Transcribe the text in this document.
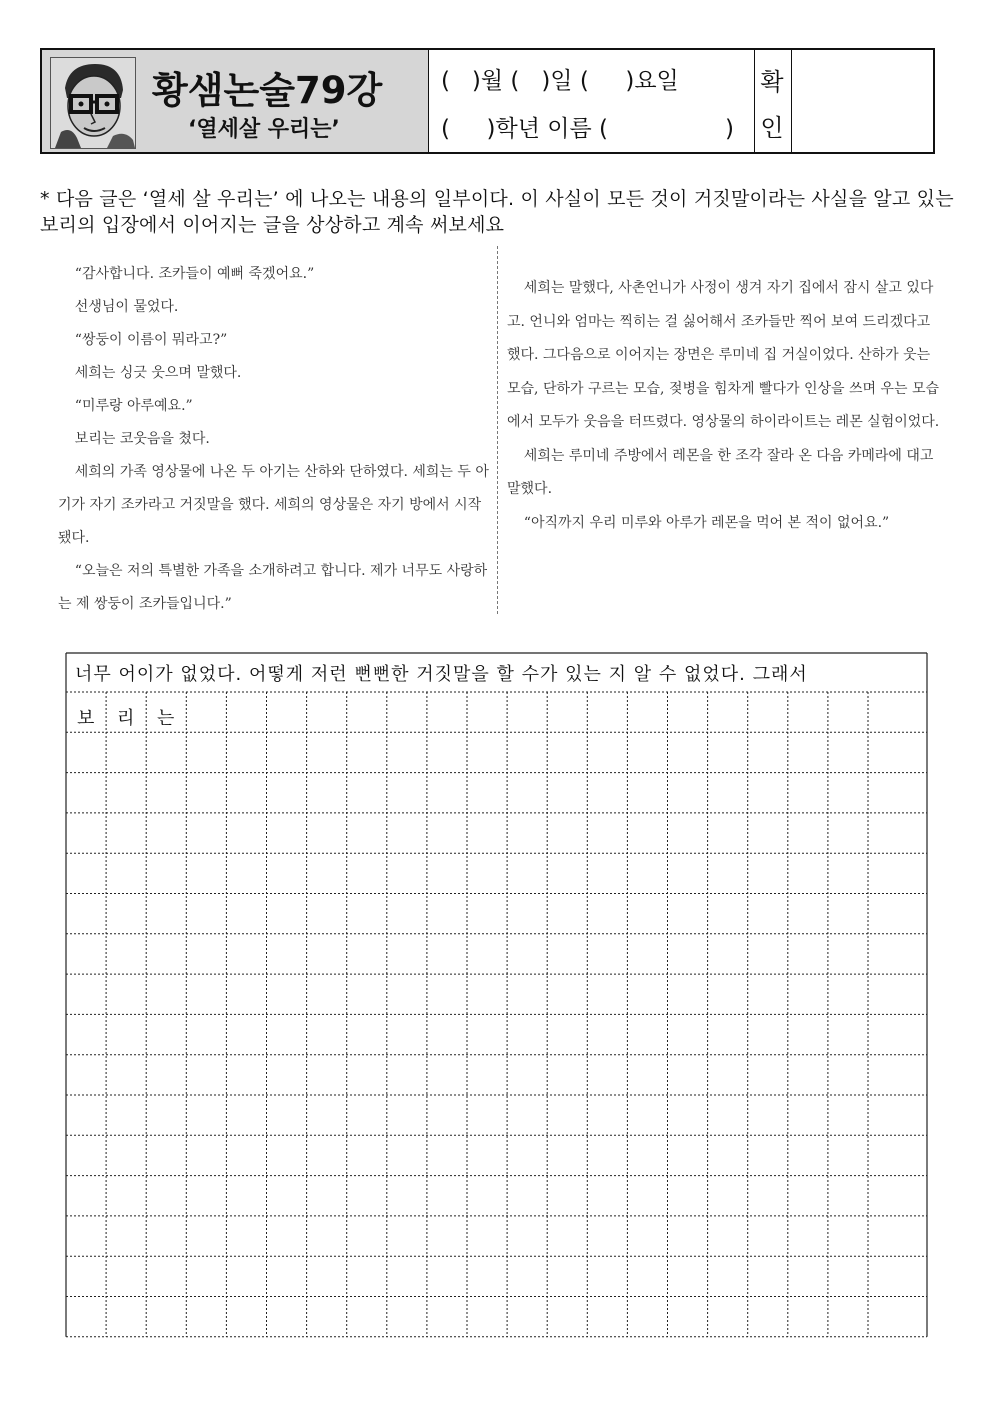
황샘논술79강
‘열세살 우리는’
(   )월 (   )일 (     )요일
(     )학년 이름 (                )
확
인
* 다음 글은 ‘열세 살 우리는’ 에 나오는 내용의 일부이다. 이 사실이 모든 것이 거짓말이라는 사실을 알고 있는 보리의 입장에서 이어지는 글을 상상하고 계속 써보세요

“감사합니다. 조카들이 예뻐 죽겠어요.”

선생님이 물었다.

“쌍둥이 이름이 뭐라고?”

세희는 싱긋 웃으며 말했다.

“미루랑 아루예요.”

보리는 코웃음을 쳤다.

세희의 가족 영상물에 나온 두 아기는 산하와 단하였다. 세희는 두 아기가 자기 조카라고 거짓말을 했다. 세희의 영상물은 자기 방에서 시작됐다.

“오늘은 저의 특별한 가족을 소개하려고 합니다. 제가 너무도 사랑하는 제 쌍둥이 조카들입니다.”

세희는 말했다, 사촌언니가 사정이 생겨 자기 집에서 잠시 살고 있다고. 언니와 엄마는 찍히는 걸 싫어해서 조카들만 찍어 보여 드리겠다고 했다. 그다음으로 이어지는 장면은 루미네 집 거실이었다. 산하가 웃는 모습, 단하가 구르는 모습, 젖병을 힘차게 빨다가 인상을 쓰며 우는 모습에서 모두가 웃음을 터뜨렸다. 영상물의 하이라이트는 레몬 실험이었다.

세희는 루미네 주방에서 레몬을 한 조각 잘라 온 다음 카메라에 대고 말했다.

“아직까지 우리 미루와 아루가 레몬을 먹어 본 적이 없어요.”

너무 어이가 없었다. 어떻게 저런 뻔뻔한 거짓말을 할 수가 있는 지 알 수 없었다. 그래서
보 리 는
